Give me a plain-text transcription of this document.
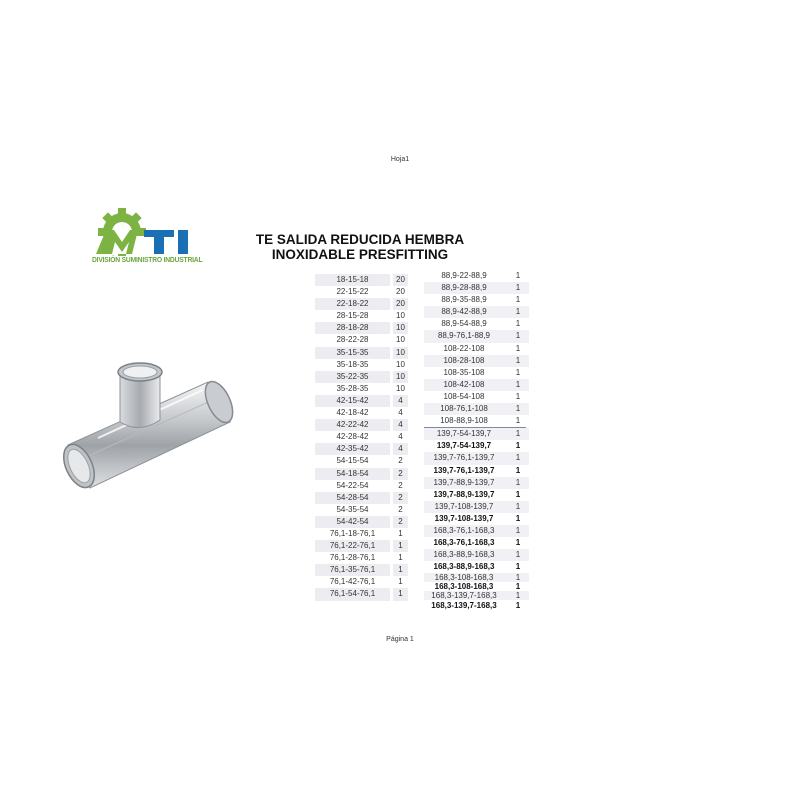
Hoja1
DIVISIÓN SUMINISTRO INDUSTRIAL
TE SALIDA REDUCIDA HEMBRA
INOXIDABLE PRESFITTING
18-15-18		20	
22-15-22		20	
22-18-22		20	
28-15-28		10	
28-18-28		10	
28-22-28		10	
35-15-35		10	
35-18-35		10	
35-22-35		10	
35-28-35		10	
42-15-42		4	
42-18-42		4	
42-22-42		4	
42-28-42		4	
42-35-42		4	
54-15-54		2	
54-18-54		2	
54-22-54		2	
54-28-54		2	
54-35-54		2	
54-42-54		2	
76,1-18-76,1		1	
76,1-22-76,1		1	
76,1-28-76,1		1	
76,1-35-76,1		1	
76,1-42-76,1		1	
76,1-54-76,1		1	
88,9-22-88,9		1	
88,9-28-88,9		1	
88,9-35-88,9		1	
88,9-42-88,9		1	
88,9-54-88,9		1	
88,9-76,1-88,9		1	
108-22-108		1	
108-28-108		1	
108-35-108		1	
108-42-108		1	
108-54-108		1	
108-76,1-108		1	
108-88,9-108		1	
139,7-54-139,7		1	
139,7-54-139,7		1	
139,7-76,1-139,7		1	
139,7-76,1-139,7		1	
139,7-88,9-139,7		1	
139,7-88,9-139,7		1	
139,7-108-139,7		1	
139,7-108-139,7		1	
168,3-76,1-168,3		1	
168,3-76,1-168,3		1	
168,3-88,9-168,3		1	
168,3-88,9-168,3		1	
168,3-108-168,3		1	
168,3-108-168,3		1	
168,3-139,7-168,3		1	
168,3-139,7-168,3		1	
Página 1
